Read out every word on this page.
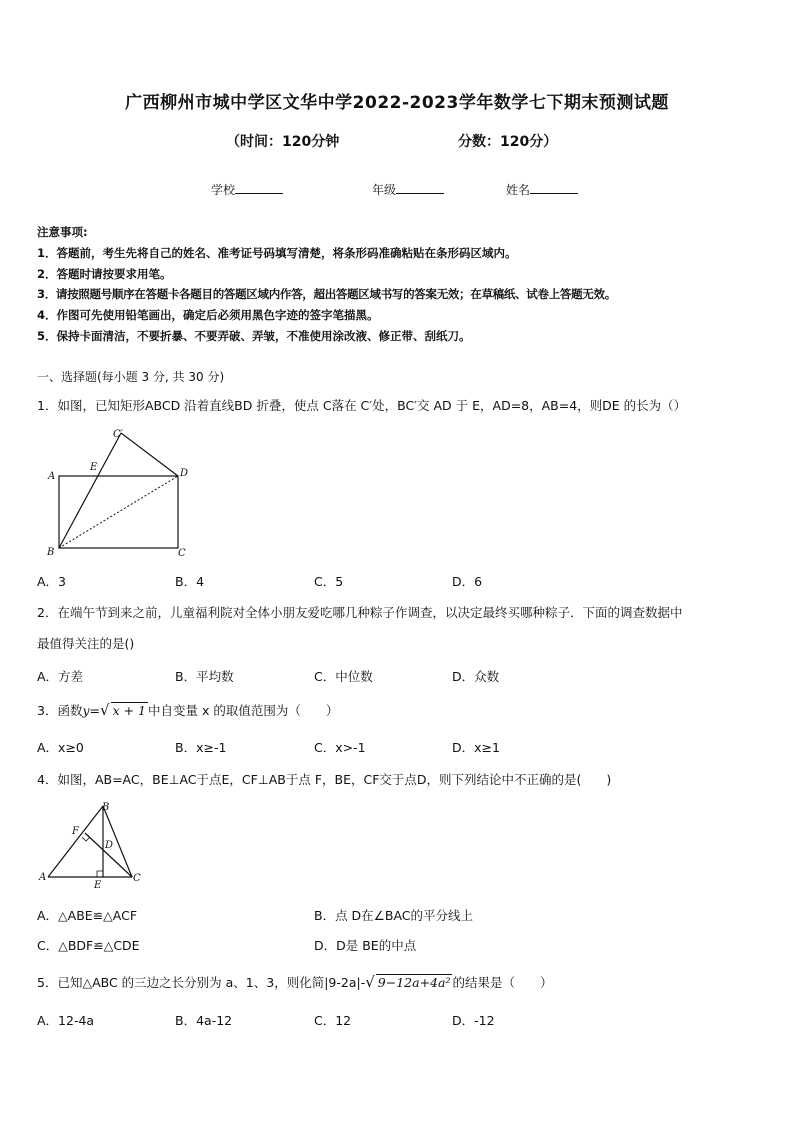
广西柳州市城中学区文华中学2022-2023学年数学七下期末预测试题
（时间：120分钟	分数：120分）
学校	年级	姓名
注意事项:
1．答题前，考生先将自己的姓名、准考证号码填写清楚，将条形码准确粘贴在条形码区域内。
2．答题时请按要求用笔。
3．请按照题号顺序在答题卡各题目的答题区域内作答，超出答题区域书写的答案无效；在草稿纸、试卷上答题无效。
4．作图可先使用铅笔画出，确定后必须用黑色字迹的签字笔描黑。
5．保持卡面清洁，不要折暴、不要弄破、弄皱，不准使用涂改液、修正带、刮纸刀。
一、选择题(每小题 3 分, 共 30 分)
1．如图，已知矩形ABCD 沿着直线BD 折叠，使点 C落在 C′处，BC′交 AD 于 E，AD=8，AB=4，则DE 的长为（）
A
B	C
D
E
C′
A．3	B．4	C．5	D．6
2．在端午节到来之前，儿童福利院对全体小朋友爱吃哪几种粽子作调查，以决定最终买哪种粽子．下面的调查数据中
最值得关注的是()
A．方差	B．平均数	C．中位数	D．众数
3．函数y=√ x + 1 中自变量 x 的取值范围为（　　）
A．x≥0	B．x≥-1	C．x>-1	D．x≥1
4．如图，AB=AC，BE⊥AC于点E，CF⊥AB于点 F，BE，CF交于点D，则下列结论中不正确的是(　　)
A
B
C
D
E
F
A．△ABE≌△ACF	B．点 D在∠BAC的平分线上
C．△BDF≌△CDE	D．D是 BE的中点
5．已知△ABC 的三边之长分别为 a、1、3，则化简|9-2a|-√ 9−12a+4a² 的结果是（　　）
A．12-4a	B．4a-12	C．12	D．-12
